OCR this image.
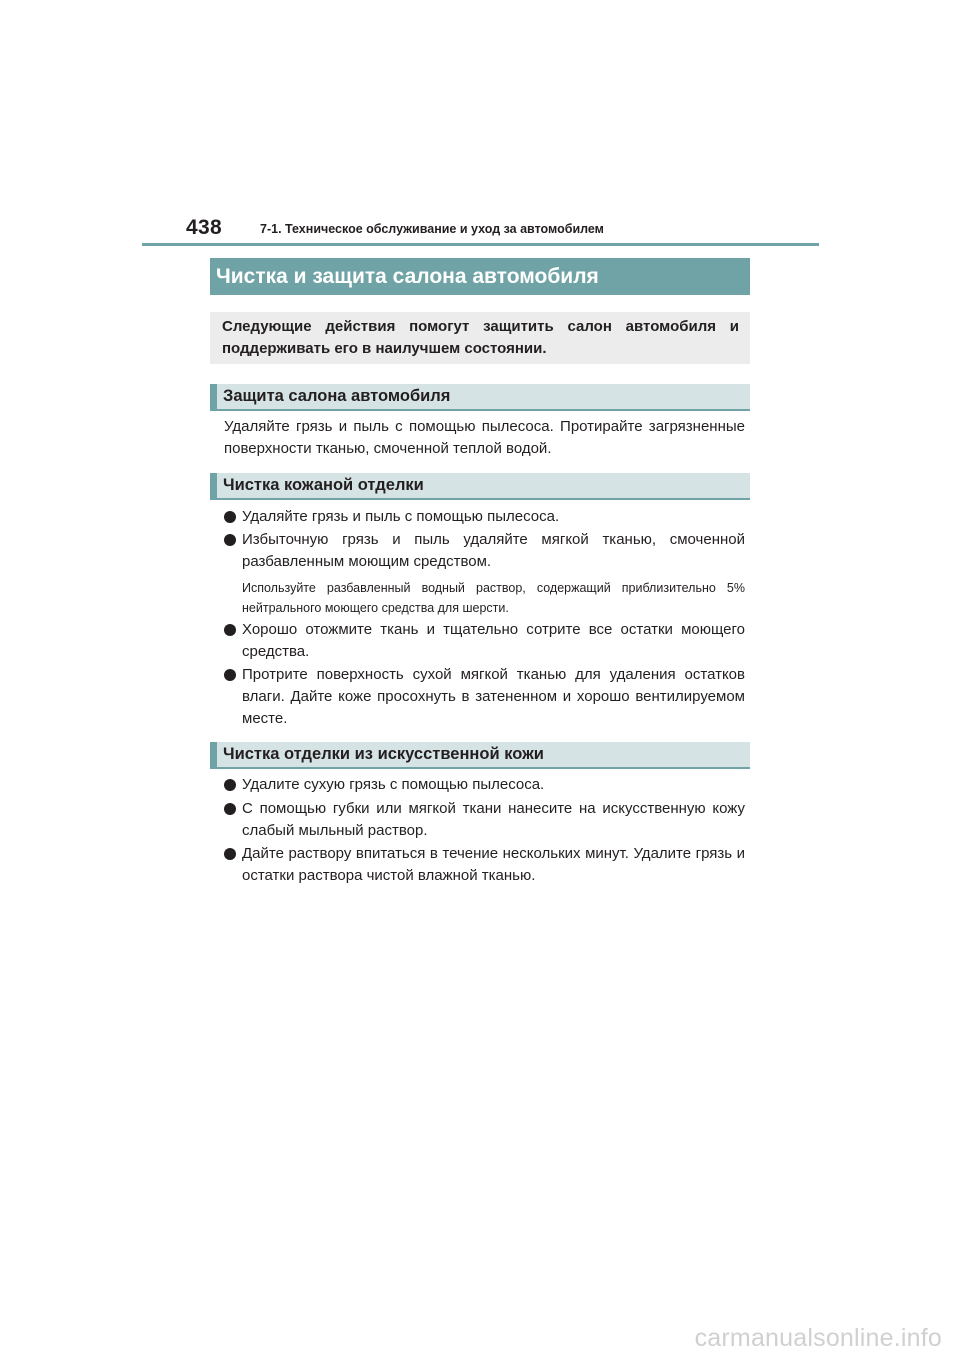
438	7-1. Техническое обслуживание и уход за автомобилем
Чистка и защита салона автомобиля
Следующие действия помогут защитить салон автомобиля и поддерживать его в наилучшем состоянии.
Защита салона автомобиля

Удаляйте грязь и пыль с помощью пылесоса. Протирайте загрязненные поверхности тканью, смоченной теплой водой.

Чистка кожаной отделки
Удаляйте грязь и пыль с помощью пылесоса.
Избыточную грязь и пыль удаляйте мягкой тканью, смоченной разбавленным моющим средством.

Используйте разбавленный водный раствор, содержащий приблизительно 5% нейтрального моющего средства для шерсти.

Хорошо отожмите ткань и тщательно сотрите все остатки моющего средства.
Протрите поверхность сухой мягкой тканью для удаления остатков влаги. Дайте коже просохнуть в затененном и хорошо вентилируемом месте.
Чистка отделки из искусственной кожи
Удалите сухую грязь с помощью пылесоса.
С помощью губки или мягкой ткани нанесите на искусственную кожу слабый мыльный раствор.
Дайте раствору впитаться в течение нескольких минут. Удалите грязь и остатки раствора чистой влажной тканью.
carmanualsonline.info
